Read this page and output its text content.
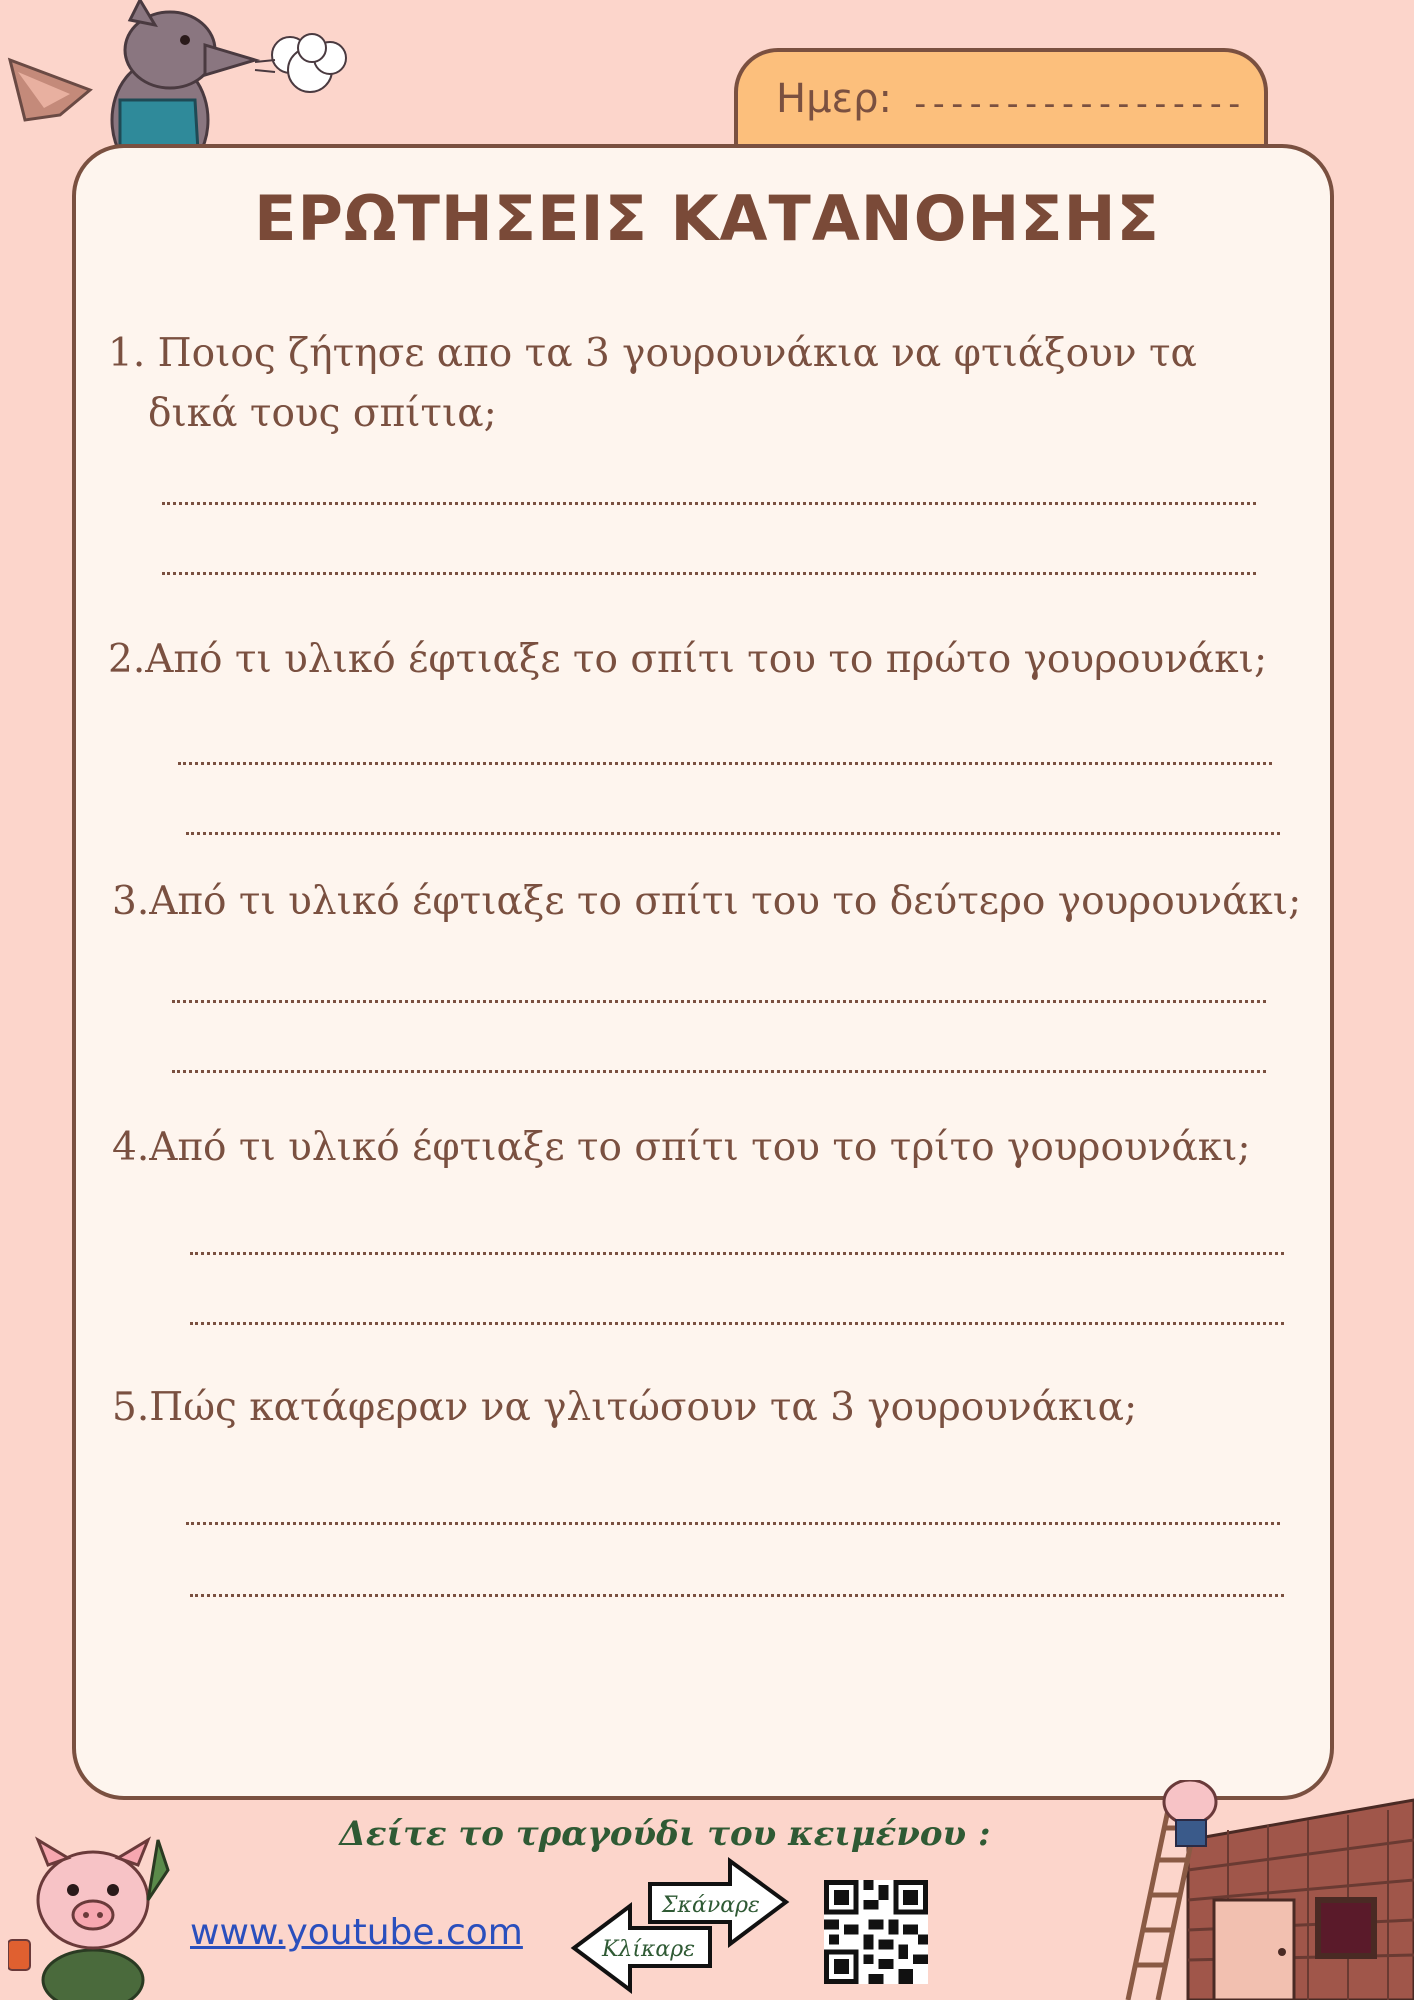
Ημερ: ------------------
ΕΡΩΤΗΣΕΙΣ ΚΑΤΑΝΟΗΣΗΣ
1. Ποιος ζήτησε απο τα 3 γουρουνάκια να φτιάξουν τα
δικά τους σπίτια;
2.Από τι υλικό έφτιαξε το σπίτι του το πρώτο γουρουνάκι;
3.Από τι υλικό έφτιαξε το σπίτι του το δεύτερο γουρουνάκι;
4.Από τι υλικό έφτιαξε το σπίτι του το τρίτο γουρουνάκι;
5.Πώς κατάφεραν να γλιτώσουν τα 3 γουρουνάκια;
Δείτε το τραγούδι του κειμένου :
www.youtube.com
Σκάναρε
Κλίκαρε
